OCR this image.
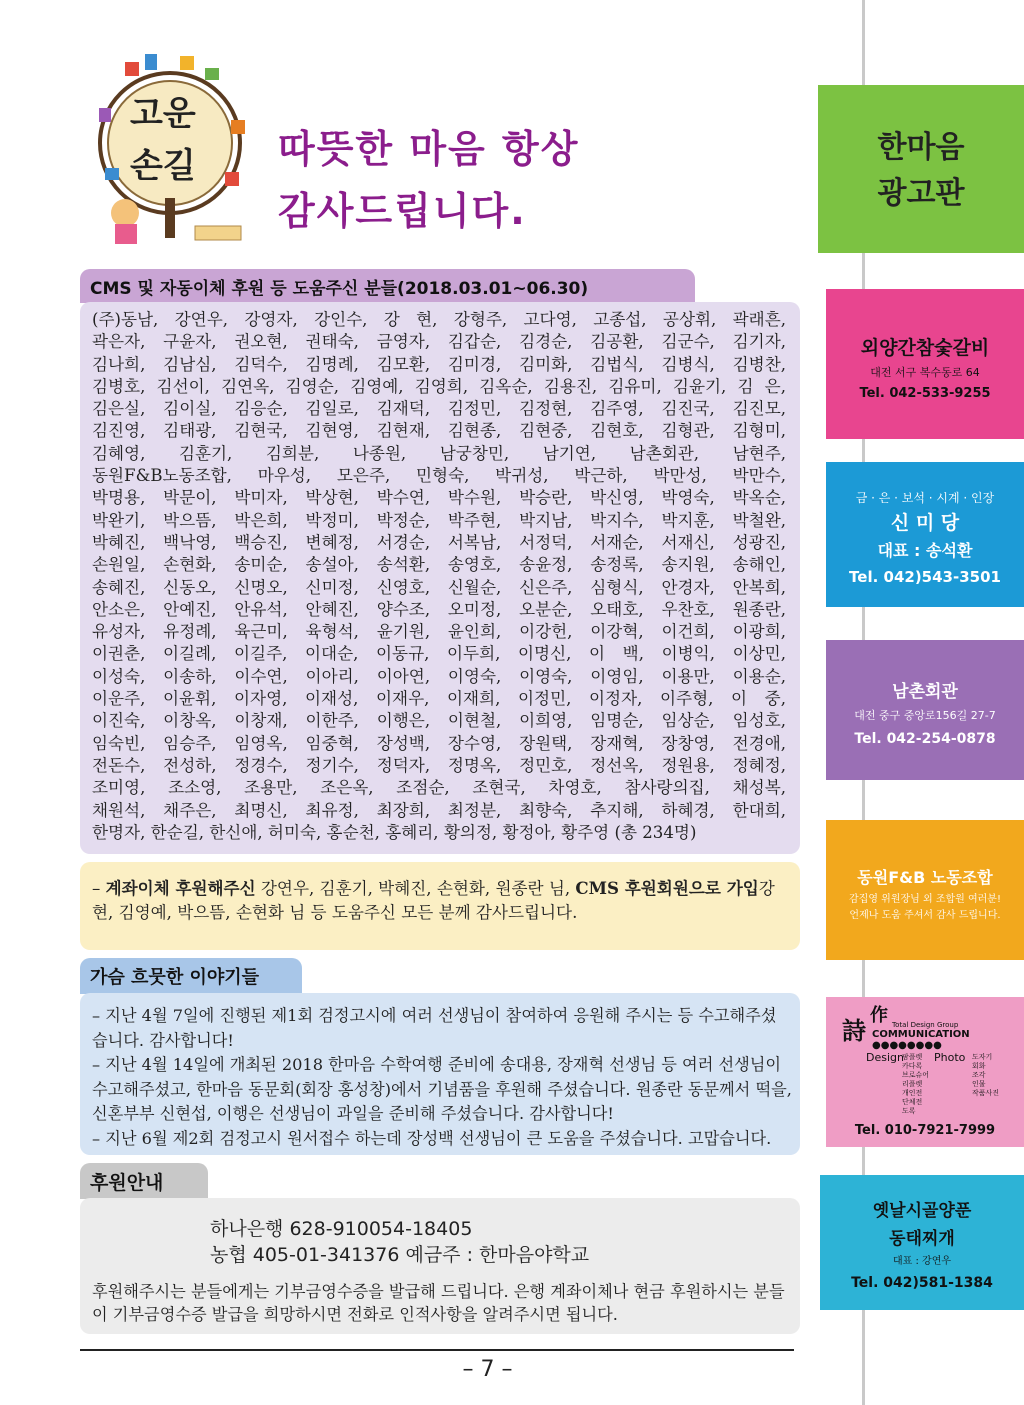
고운
손길 따뜻한 마음 항상
감사드립니다.
CMS 및 자동이체 후원 등 도움주신 분들(2018.03.01~06.30)
(주)동남, 강연우, 강영자, 강인수, 강 현, 강형주, 고다영, 고종섭, 공상휘, 곽래흔,
곽은자, 구윤자, 권오현, 권태숙, 금영자, 김갑순, 김경순, 김공환, 김군수, 김기자,
김나희, 김남심, 김덕수, 김명례, 김모환, 김미경, 김미화, 김법식, 김병식, 김병찬,
김병호, 김선이, 김연옥, 김영순, 김영예, 김영희, 김옥순, 김용진, 김유미, 김윤기, 김 은,
김은실, 김이실, 김응순, 김일로, 김재덕, 김정민, 김정현, 김주영, 김진국, 김진모,
김진영, 김태광, 김현국, 김현영, 김현재, 김현종, 김현중, 김현호, 김형관, 김형미,
김혜영, 김훈기, 김희분, 나종원, 남궁창민, 남기연, 남촌회관, 남현주,
동원F&B노동조합, 마우성, 모은주, 민형숙, 박귀성, 박근하, 박만성, 박만수,
박명용, 박문이, 박미자, 박상현, 박수연, 박수원, 박승란, 박신영, 박영숙, 박옥순,
박완기, 박으뜸, 박은희, 박정미, 박정순, 박주현, 박지남, 박지수, 박지훈, 박철완,
박혜진, 백낙영, 백승진, 변혜정, 서경순, 서복남, 서정덕, 서재순, 서재신, 성광진,
손원일, 손현화, 송미순, 송설아, 송석환, 송영호, 송윤정, 송정록, 송지원, 송해인,
송혜진, 신동오, 신명오, 신미정, 신영호, 신월순, 신은주, 심형식, 안경자, 안복희,
안소은, 안예진, 안유석, 안혜진, 양수조, 오미정, 오분순, 오태호, 우찬호, 원종란,
유성자, 유정례, 육근미, 육형석, 윤기원, 윤인희, 이강헌, 이강혁, 이건희, 이광희,
이권춘, 이길례, 이길주, 이대순, 이동규, 이두희, 이명신, 이 백, 이병익, 이상민,
이성숙, 이송하, 이수연, 이아리, 이아연, 이영숙, 이영숙, 이영임, 이용만, 이용순,
이운주, 이윤휘, 이자영, 이재성, 이재우, 이재희, 이정민, 이정자, 이주형, 이 중,
이진숙, 이창옥, 이창재, 이한주, 이행은, 이현철, 이희영, 임명순, 임상순, 임성호,
임숙빈, 임승주, 임영옥, 임중혁, 장성백, 장수영, 장원택, 장재혁, 장창영, 전경애,
전돈수, 전성하, 정경수, 정기수, 정덕자, 정명옥, 정민호, 정선옥, 정원용, 정혜정,
조미영, 조소영, 조용만, 조은옥, 조점순, 조현국, 차영호, 참사랑의집, 채성복,
채원석, 채주은, 최명신, 최유정, 최장희, 최정분, 최향숙, 추지해, 하혜경, 한대희,
한명자, 한순길, 한신애, 허미숙, 홍순천, 홍혜리, 황의정, 황정아, 황주영 (총 234명)
– 계좌이체 후원해주신 강연우, 김훈기, 박혜진, 손현화, 원종란 님, CMS 후원회원으로 가입강현, 김영예, 박으뜸, 손현화 님 등 도움주신 모든 분께 감사드립니다.
가슴 흐뭇한 이야기들
– 지난 4월 7일에 진행된 제1회 검정고시에 여러 선생님이 참여하여 응원해 주시는 등 수고해주셨습니다. 감사합니다!
– 지난 4월 14일에 개최된 2018 한마음 수학여행 준비에 송대용, 장재혁 선생님 등 여러 선생님이 수고해주셨고, 한마음 동문회(회장 홍성창)에서 기념품을 후원해 주셨습니다. 원종란 동문께서 떡을, 신혼부부 신현섭, 이행은 선생님이 과일을 준비해 주셨습니다. 감사합니다!
– 지난 6월 제2회 검정고시 원서접수 하는데 장성백 선생님이 큰 도움을 주셨습니다. 고맙습니다.
후원안내
하나은행 628-910054-18405
농협 405-01-341376 예금주 : 한마음야학교
후원해주시는 분들에게는 기부금영수증을 발급해 드립니다. 은행 계좌이체나 현금 후원하시는 분들이 기부금영수증 발급을 희망하시면 전화로 인적사항을 알려주시면 됩니다.
– 7 –
한마음
광고판
외양간참숯갈비
대전 서구 복수동로 64
Tel. 042-533-9255
금 · 은 · 보석 · 시계 · 인장
신 미 당
대표 : 송석환
Tel. 042)543-3501
남촌회관
대전 중구 중앙로156길 27-7
Tel. 042-254-0878
동원F&B 노동조합
감집영 위원장님 외 조합원 여러분!
언제나 도움 주셔서 감사 드립니다.
詩
作 Total Design Group
COMMUNICATION ●●●●●●●●
Design	Photo
팜플렛
카다록
브로슈어
리플렛
개인전
단체전
도록
도자기
회화
조각
인물
작품사진
Tel. 010-7921-7999
옛날시골양푼
동태찌개
대표 : 강연우
Tel. 042)581-1384
